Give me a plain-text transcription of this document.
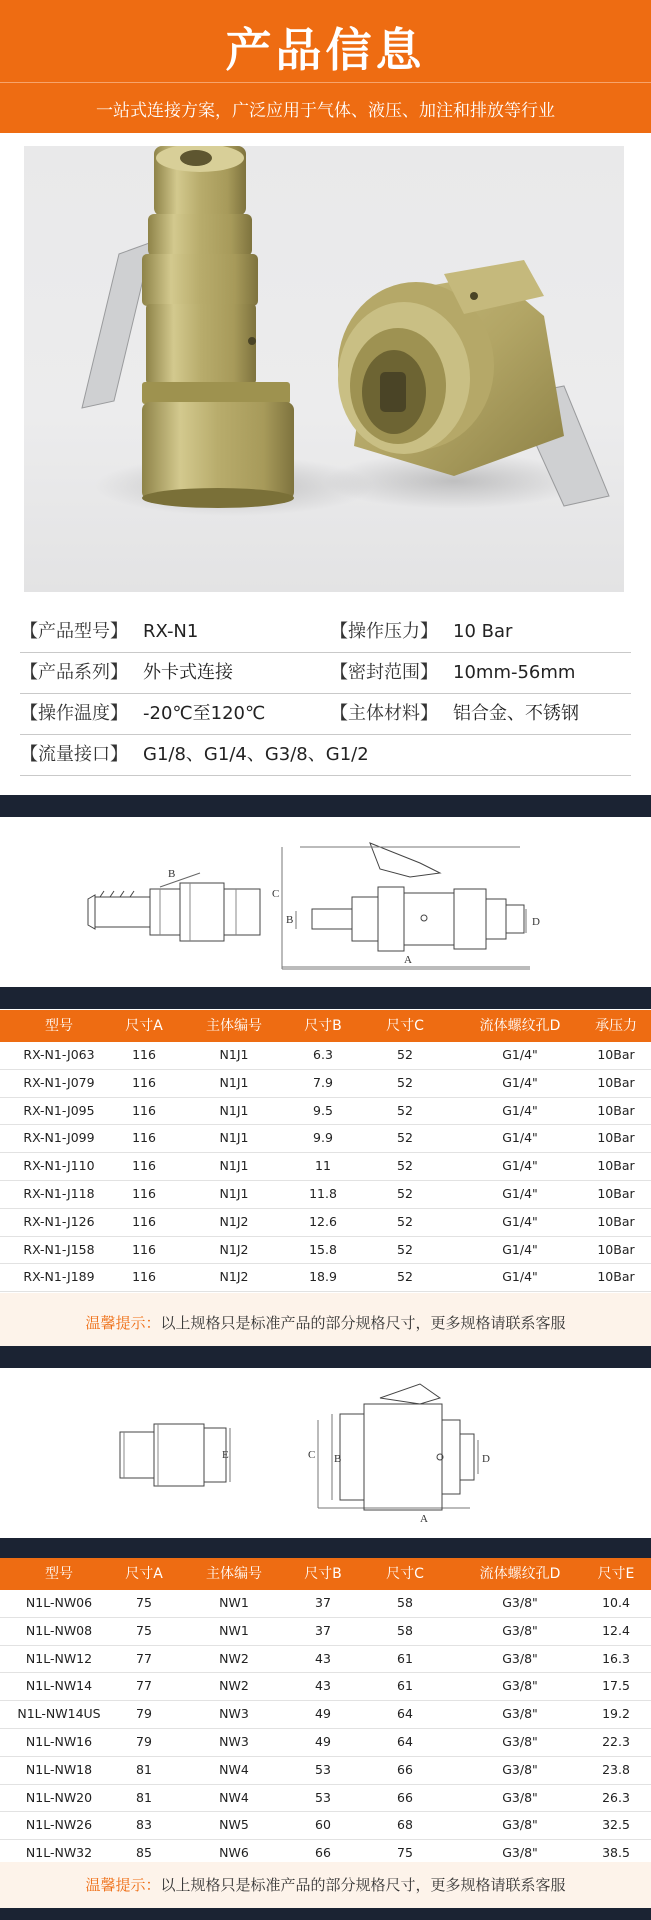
产品信息
一站式连接方案，广泛应用于气体、液压、加注和排放等行业
【产品型号】 RX-N1	【操作压力】 10 Bar
【产品系列】 外卡式连接	【密封范围】 10mm-56mm
【操作温度】 -20℃至120℃	【主体材料】 铝合金、不锈钢
【流量接口】 G1/8、G1/4、G3/8、G1/2
B
C
B	D
A
型号	尺寸A	主体编号	尺寸B	尺寸C	流体螺纹孔D	承压力
RX-N1-J063	116	N1J1	6.3	52	G1/4"	10Bar
RX-N1-J079	116	N1J1	7.9	52	G1/4"	10Bar
RX-N1-J095	116	N1J1	9.5	52	G1/4"	10Bar
RX-N1-J099	116	N1J1	9.9	52	G1/4"	10Bar
RX-N1-J110	116	N1J1	11	52	G1/4"	10Bar
RX-N1-J118	116	N1J1	11.8	52	G1/4"	10Bar
RX-N1-J126	116	N1J2	12.6	52	G1/4"	10Bar
RX-N1-J158	116	N1J2	15.8	52	G1/4"	10Bar
RX-N1-J189	116	N1J2	18.9	52	G1/4"	10Bar
温馨提示：以上规格只是标准产品的部分规格尺寸，更多规格请联系客服
E	C B	D
A
型号	尺寸A	主体编号	尺寸B	尺寸C	流体螺纹孔D	尺寸E
N1L-NW06	75	NW1	37	58	G3/8"	10.4
N1L-NW08	75	NW1	37	58	G3/8"	12.4
N1L-NW12	77	NW2	43	61	G3/8"	16.3
N1L-NW14	77	NW2	43	61	G3/8"	17.5
N1L-NW14US	79	NW3	49	64	G3/8"	19.2
N1L-NW16	79	NW3	49	64	G3/8"	22.3
N1L-NW18	81	NW4	53	66	G3/8"	23.8
N1L-NW20	81	NW4	53	66	G3/8"	26.3
N1L-NW26	83	NW5	60	68	G3/8"	32.5
N1L-NW32	85	NW6	66	75	G3/8"	38.5
温馨提示：以上规格只是标准产品的部分规格尺寸，更多规格请联系客服
